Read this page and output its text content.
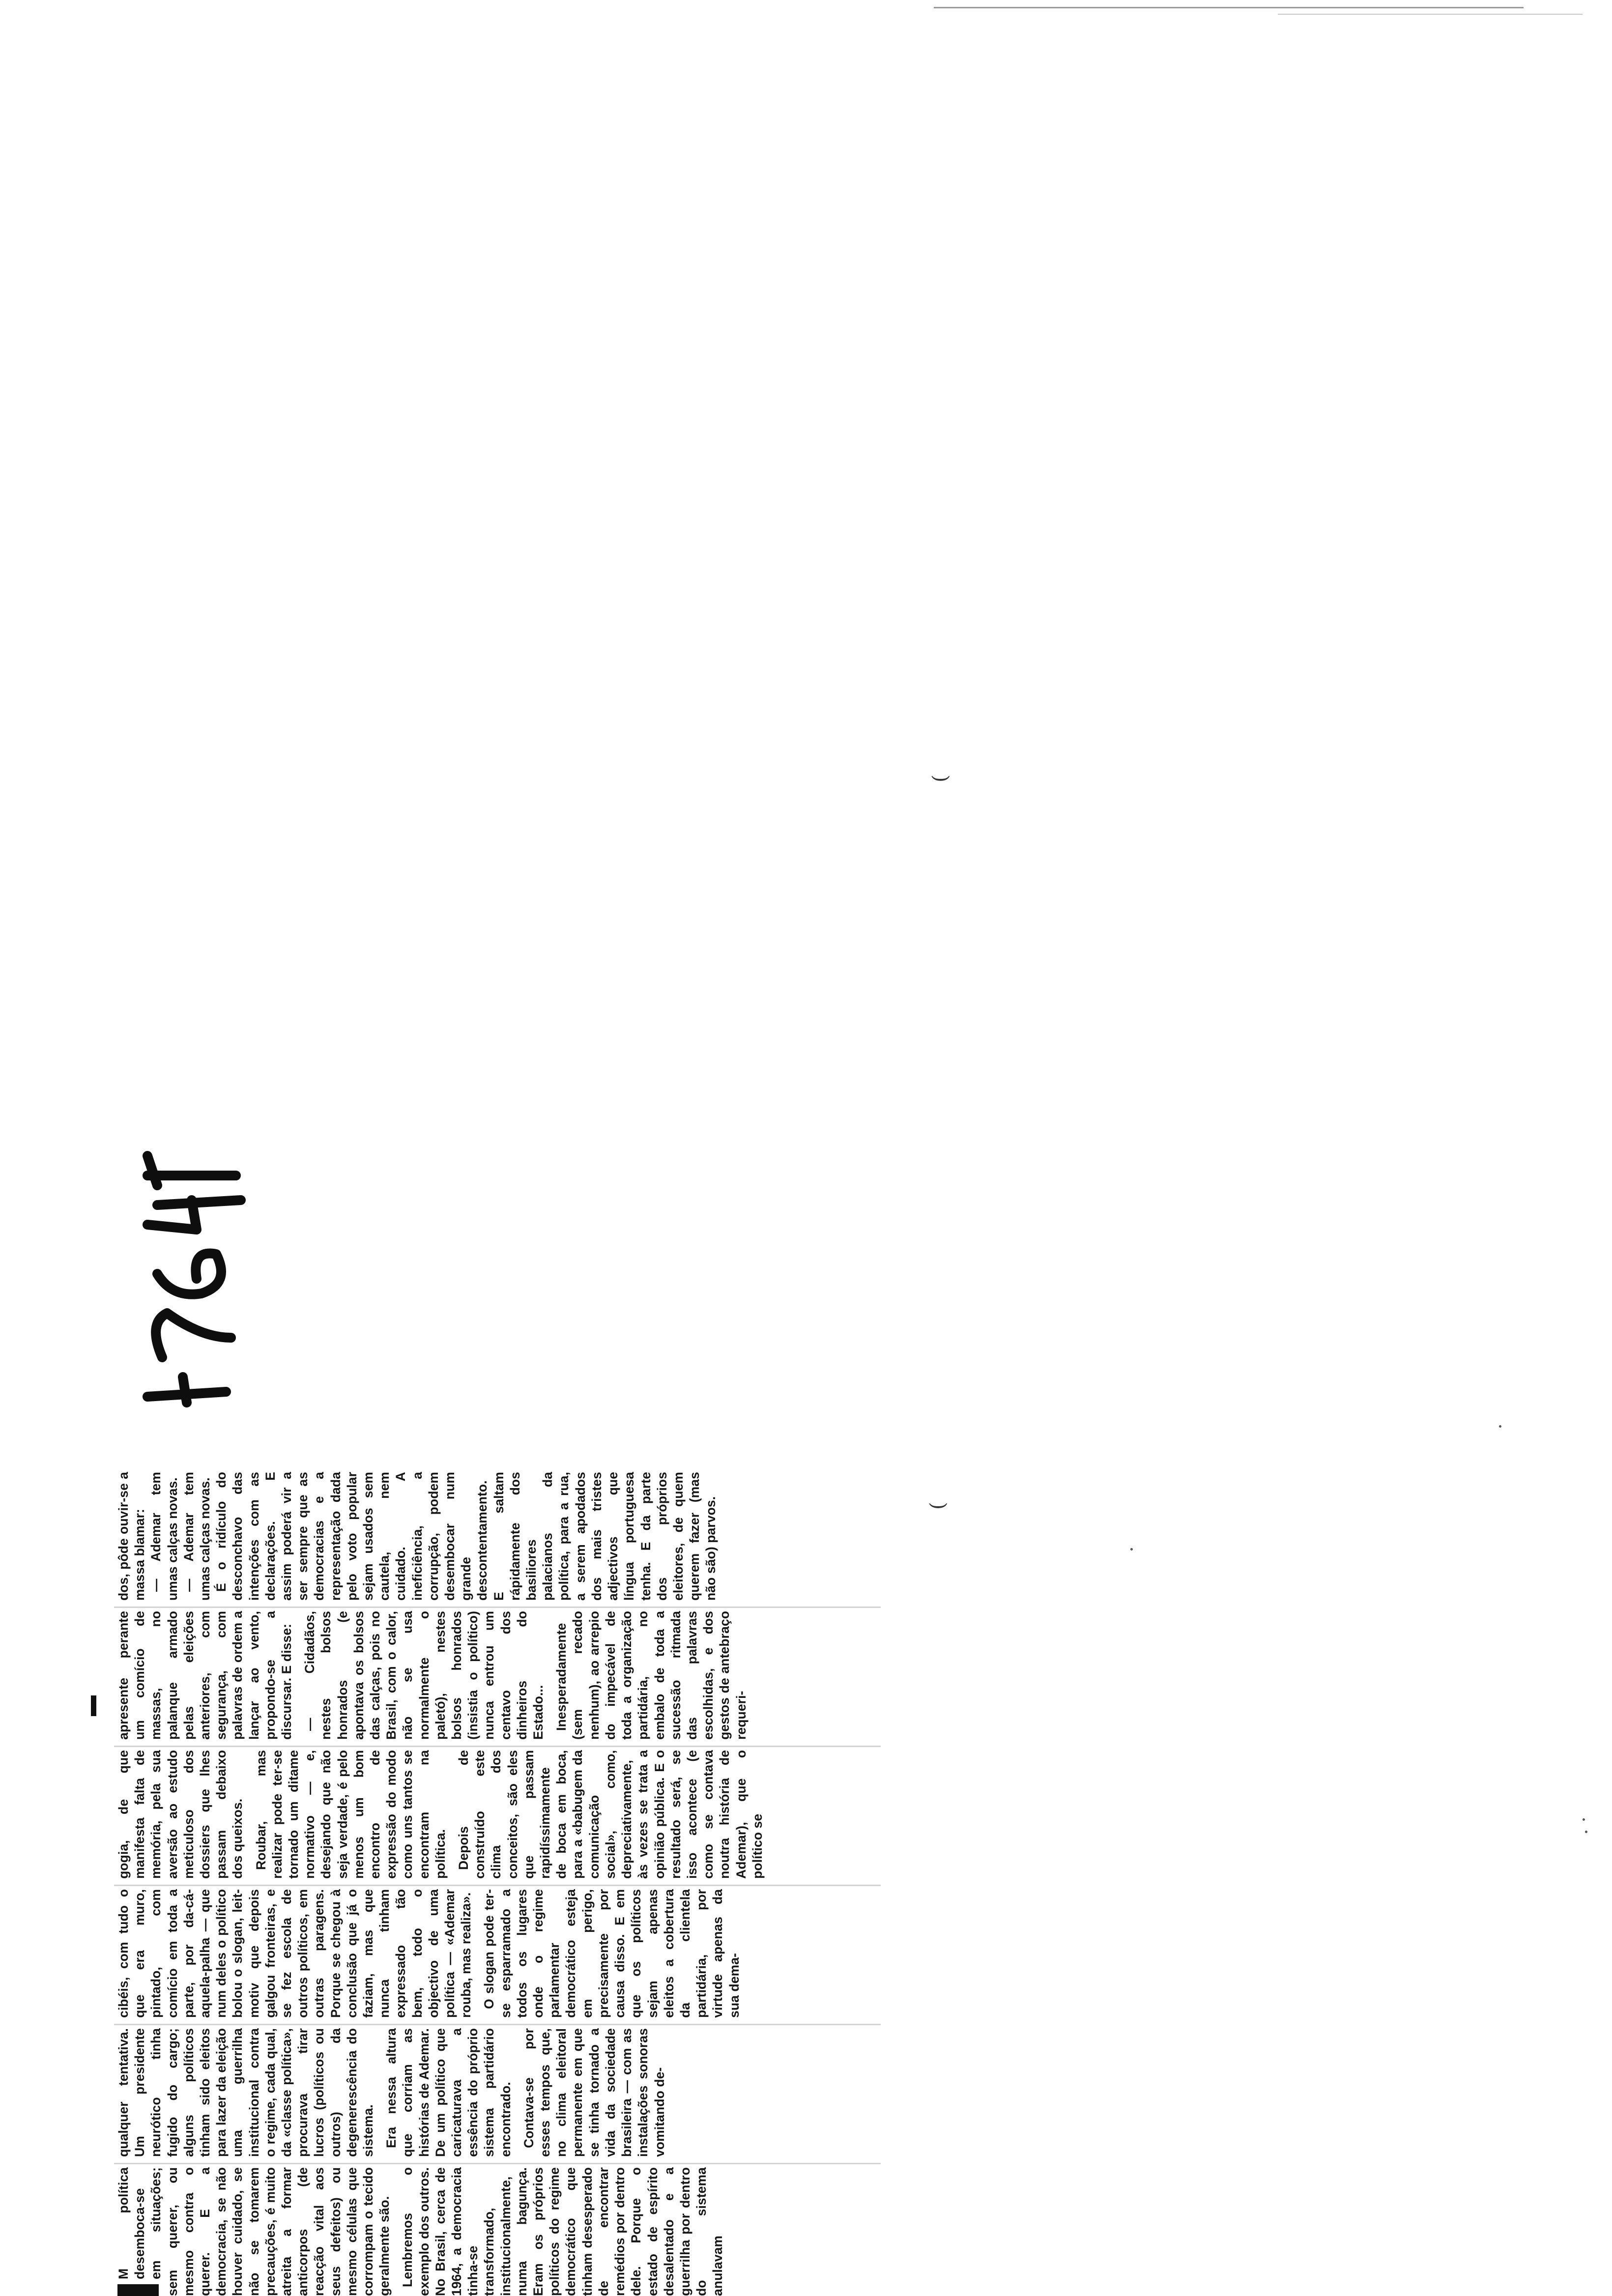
M política desemboca-se em situações; sem querer, ou mesmo contra o querer. E a democracia, se não houver cuidado, se não se tomarem precauções, é muito atreita a formar anticorpos (de reacção vital aos seus defeitos) ou mesmo células que corrompam o tecido geralmente são. Lembremos o exemplo dos outros. No Brasil, cerca de 1964, a democracia tinha-se transformado, institucionalmente, numa bagunça. Eram os próprios políticos do regime democrático que tinham desesperado de encontrar remédios por dentro dele. Porque o estado de espírito desalentado e a guerrilha por dentro do sistema anulavam

qualquer tentativa. Um presidente neurótico tinha fugido do cargo; alguns políticos tinham sido eleitos para lazer da eleição uma guerrilha institucional contra o regime, cada qual, da «classe política», procurava tirar lucros (políticos ou outros) da degenerescência do sistema. Era nessa altura que corriam as histórias de Ademar. De um político que caricaturava a essência do próprio sistema partidário encontrado. Contava-se por esses tempos que, no clima eleitoral permanente em que se tinha tornado a vida da sociedade brasileira — com as instalações sonoras vomitando de-

cibéis, com tudo o que era muro, pintado, com comício em toda a parte, por da-cá-aquela-palha — que num deles o político bolou o slogan, leit-motiv que depois galgou fronteiras, e se fez escola de outros políticos, em outras paragens. Porque se chegou à conclusão que já o faziam, mas que nunca tinham expressado tão bem, todo o objectivo de uma política — «Ademar rouba, mas realiza». O slogan pode ter-se esparramado a todos os lugares onde o regime parlamentar democrático esteja em perigo, precisamente por causa disso. E em que os políticos sejam apenas eleitos a cobertura da clientela partidária, por virtude apenas da sua dema-

gogia, de que manifesta falta de memória, pela sua aversão ao estudo meticuloso dos dossiers que lhes passam debaixo dos queixos. Roubar, mas realizar pode ter-se tornado um ditame normativo — e, desejando que não seja verdade, é pelo menos um bom encontro de expressão do modo como uns tantos se encontram na política. Depois de construído este clima dos conceitos, são eles que passam rapidíssimamente de boca em boca, para a «babugem da comunicação social», como, depreciativamente, às vezes se trata a opinião pública. E o resultado será, se isso acontece (e como se contava noutra história de Ademar), que o político se

apresente perante um comício de massas, no palanque armado pelas eleições anteriores, com segurança, com palavras de ordem a lançar ao vento, propondo-se a discursar. E disse: — Cidadãos, nestes bolsos honrados (e apontava os bolsos das calças, pois no Brasil, com o calor, não se usa normalmente o paletó), nestes bolsos honrados (insistia o político) nunca entrou um centavo dos dinheiros do Estado... Inesperadamente (sem recado nenhum), ao arrepio do impecável de toda a organização partidária, no embalo de toda a sucessão ritmada das palavras escolhidas, e dos gestos de antebraço requeri-

dos, pôde ouvir-se a massa blamar: — Ademar tem umas calças novas. — Ademar tem umas calças novas. É o ridículo do desconchavo das intenções com as declarações. E assim poderá vir a ser sempre que as democracias e a representação dada pelo voto popular sejam usados sem cautela, nem cuidado. A ineficiência, a corrupção, podem desembocar num grande descontentamento. E saltam rápidamente dos basiliores palacianos da política, para a rua, a serem apodados dos mais tristes adjectivos que língua portuguesa tenha. E da parte dos próprios eleitores, de quem querem fazer (mas não são) parvos.	(
(
